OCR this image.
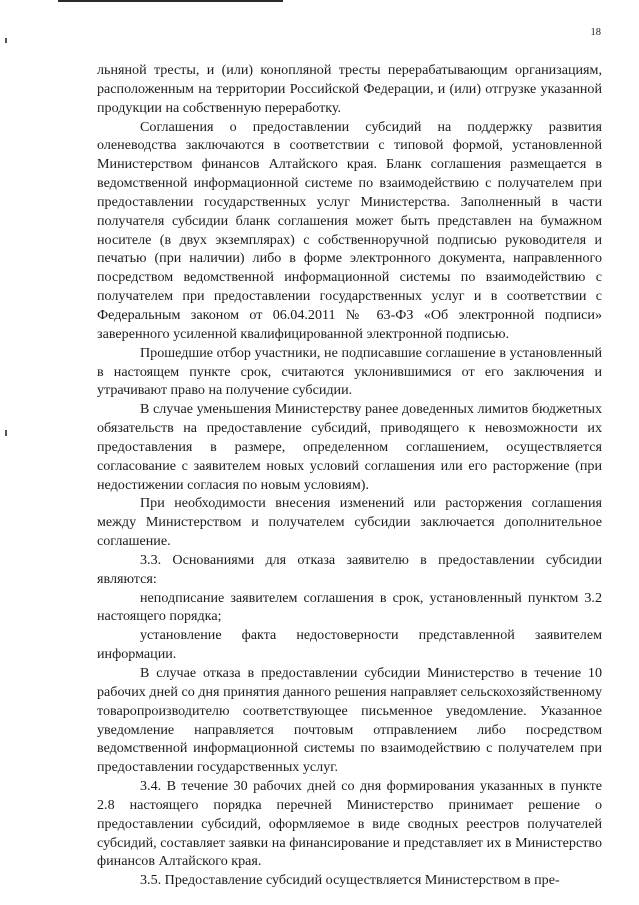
18

льняной тресты, и (или) конопляной тресты перерабатывающим организациям, расположенным на территории Российской Федерации, и (или) отгрузке указанной продукции на собственную переработку.

Соглашения о предоставлении субсидий на поддержку развития оленеводства заключаются в соответствии с типовой формой, установленной Министерством финансов Алтайского края. Бланк соглашения размещается в ведомственной информационной системе по взаимодействию с получателем при предоставлении государственных услуг Министерства. Заполненный в части получателя субсидии бланк соглашения может быть представлен на бумажном носителе (в двух экземплярах) с собственноручной подписью руководителя и печатью (при наличии) либо в форме электронного документа, направленного посредством ведомственной информационной системы по взаимодействию с получателем при предоставлении государственных услуг и в соответствии с Федеральным законом от 06.04.2011 № 63-ФЗ «Об электронной подписи» заверенного усиленной квалифицированной электронной подписью.

Прошедшие отбор участники, не подписавшие соглашение в установленный в настоящем пункте срок, считаются уклонившимися от его заключения и утрачивают право на получение субсидии.

В случае уменьшения Министерству ранее доведенных лимитов бюджетных обязательств на предоставление субсидий, приводящего к невозможности их предоставления в размере, определенном соглашением, осуществляется согласование с заявителем новых условий соглашения или его расторжение (при недостижении согласия по новым условиям).

При необходимости внесения изменений или расторжения соглашения между Министерством и получателем субсидии заключается дополнительное соглашение.

3.3. Основаниями для отказа заявителю в предоставлении субсидии являются:

неподписание заявителем соглашения в срок, установленный пунктом 3.2 настоящего порядка;

установление факта недостоверности представленной заявителем информации.

В случае отказа в предоставлении субсидии Министерство в течение 10 рабочих дней со дня принятия данного решения направляет сельскохозяйственному товаропроизводителю соответствующее письменное уведомление. Указанное уведомление направляется почтовым отправлением либо посредством ведомственной информационной системы по взаимодействию с получателем при предоставлении государственных услуг.

3.4. В течение 30 рабочих дней со дня формирования указанных в пункте 2.8 настоящего порядка перечней Министерство принимает решение о предоставлении субсидий, оформляемое в виде сводных реестров получателей субсидий, составляет заявки на финансирование и представляет их в Министерство финансов Алтайского края.

3.5. Предоставление субсидий осуществляется Министерством в пре-
